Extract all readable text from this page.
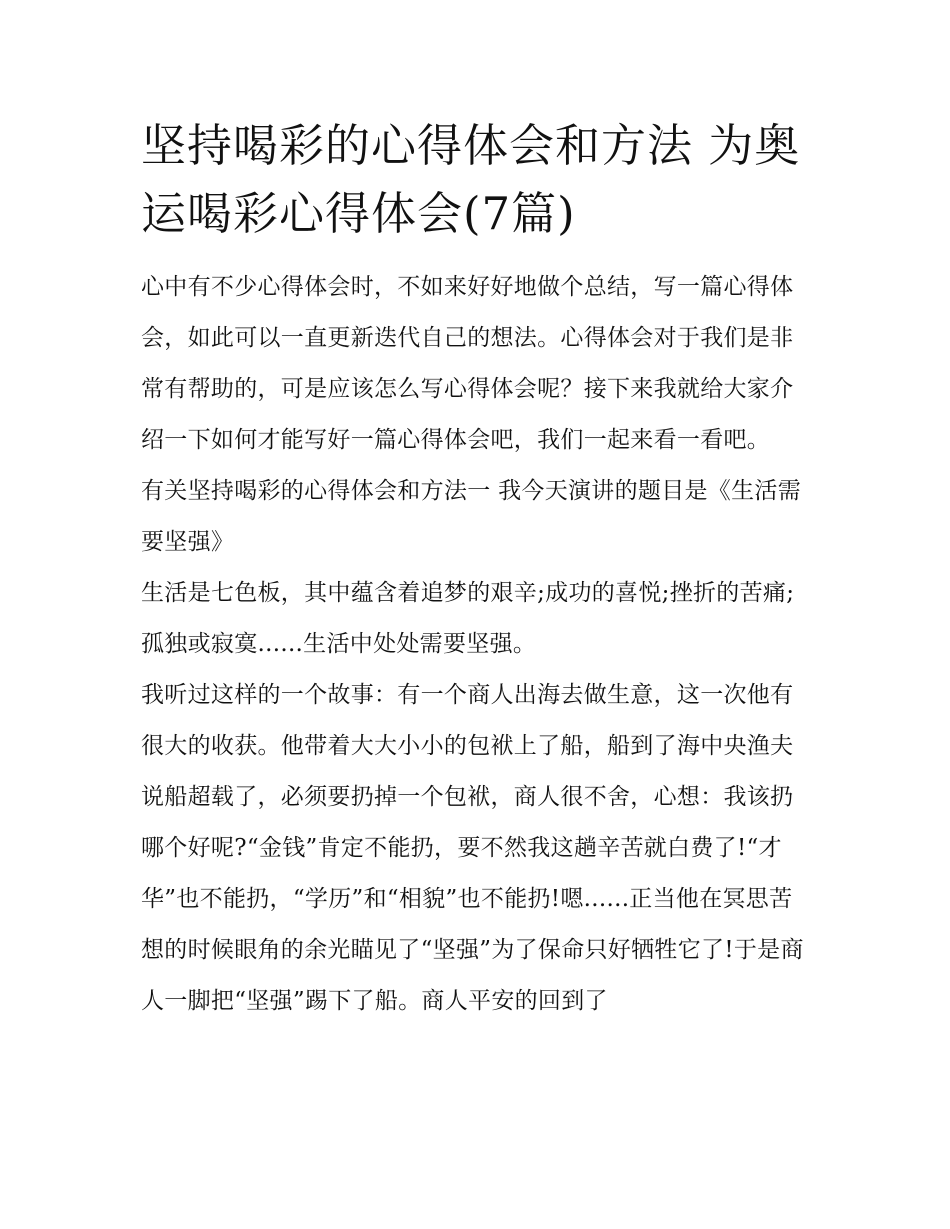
坚持喝彩的心得体会和方法 为奥运喝彩心得体会(7篇)

心中有不少心得体会时，不如来好好地做个总结，写一篇心得体会，如此可以一直更新迭代自己的想法。心得体会对于我们是非常有帮助的，可是应该怎么写心得体会呢？接下来我就给大家介绍一下如何才能写好一篇心得体会吧，我们一起来看一看吧。

有关坚持喝彩的心得体会和方法一 我今天演讲的题目是《生活需要坚强》

生活是七色板，其中蕴含着追梦的艰辛;成功的喜悦;挫折的苦痛;孤独或寂寞......生活中处处需要坚强。

我听过这样的一个故事：有一个商人出海去做生意，这一次他有很大的收获。他带着大大小小的包袱上了船，船到了海中央渔夫说船超载了，必须要扔掉一个包袱，商人很不舍，心想：我该扔哪个好呢?“金钱”肯定不能扔，要不然我这趟辛苦就白费了!“才华”也不能扔，“学历”和“相貌”也不能扔!嗯......正当他在冥思苦想的时候眼角的余光瞄见了“坚强”为了保命只好牺牲它了!于是商人一脚把“坚强”踢下了船。商人平安的回到了
